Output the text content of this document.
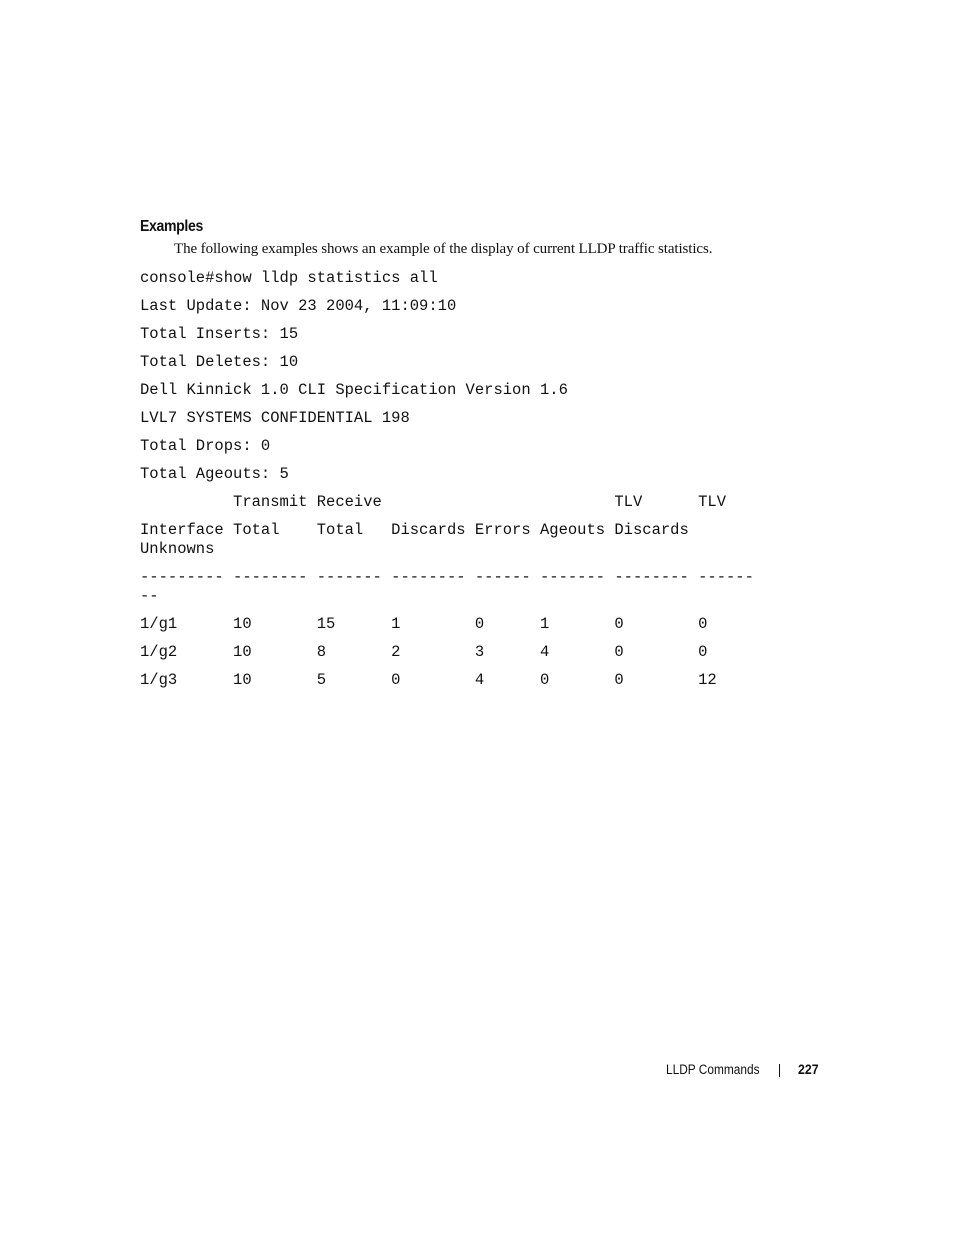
Examples
The following examples shows an example of the display of current LLDP traffic statistics.
console#show lldp statistics all
Last Update: Nov 23 2004, 11:09:10
Total Inserts: 15
Total Deletes: 10
Dell Kinnick 1.0 CLI Specification Version 1.6
LVL7 SYSTEMS CONFIDENTIAL 198
Total Drops: 0
Total Ageouts: 5
Transmit Receive                         TLV      TLV
Interface Total    Total   Discards Errors Ageouts Discards
Unknowns
--------- -------- ------- -------- ------ ------- -------- ------
--
1/g1      10       15      1        0      1       0        0
1/g2      10       8       2        3      4       0        0
1/g3      10       5       0        4      0       0        12
LLDP Commands	227
